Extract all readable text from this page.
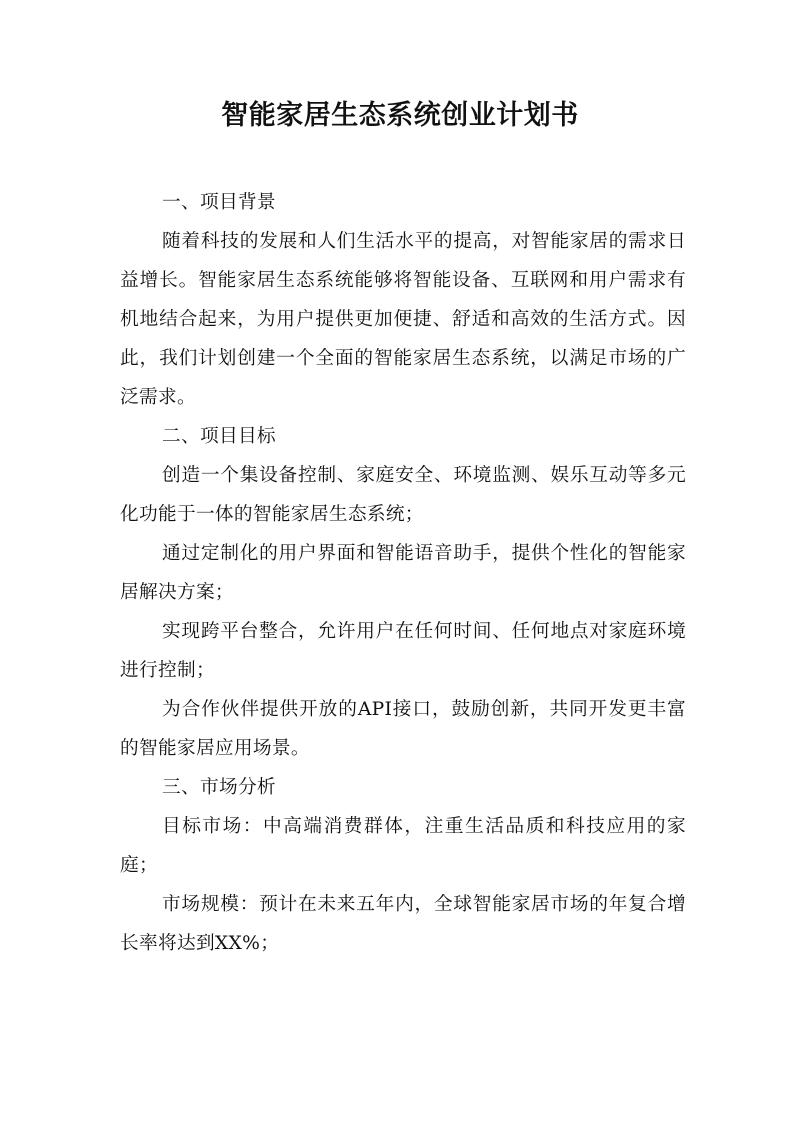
智能家居生态系统创业计划书

一、项目背景

随着科技的发展和人们生活水平的提高，对智能家居的需求日益增长。智能家居生态系统能够将智能设备、互联网和用户需求有机地结合起来，为用户提供更加便捷、舒适和高效的生活方式。因此，我们计划创建一个全面的智能家居生态系统，以满足市场的广泛需求。

二、项目目标

创造一个集设备控制、家庭安全、环境监测、娱乐互动等多元化功能于一体的智能家居生态系统；

通过定制化的用户界面和智能语音助手，提供个性化的智能家居解决方案；

实现跨平台整合，允许用户在任何时间、任何地点对家庭环境进行控制；

为合作伙伴提供开放的API接口，鼓励创新，共同开发更丰富的智能家居应用场景。

三、市场分析

目标市场：中高端消费群体，注重生活品质和科技应用的家庭；

市场规模：预计在未来五年内，全球智能家居市场的年复合增长率将达到XX%；
